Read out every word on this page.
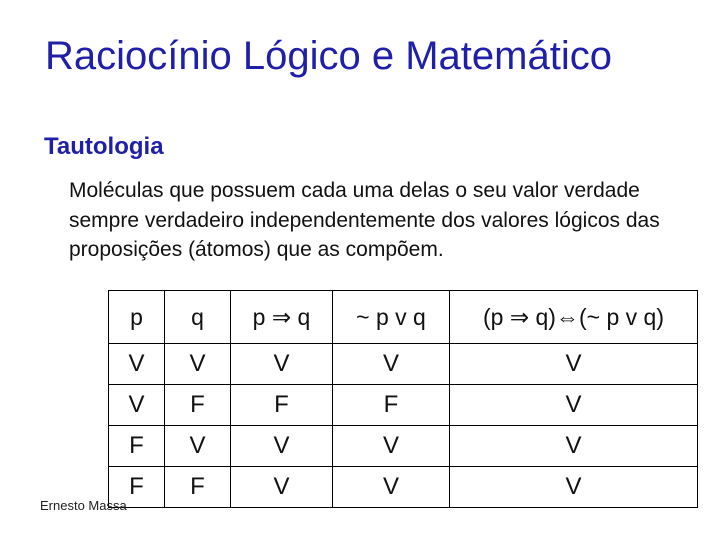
Raciocínio Lógico e Matemático
Tautologia
Moléculas que possuem cada uma delas o seu valor verdade sempre verdadeiro independentemente dos valores lógicos das proposições (átomos) que as compõem.
p	q	p ⇒ q	~ p v q	(p ⇒ q)⇔(~ p v q)
V	V	V	V	V
V	F	F	F	V
F	V	V	V	V
F	F	V	V	V
Ernesto Massa
